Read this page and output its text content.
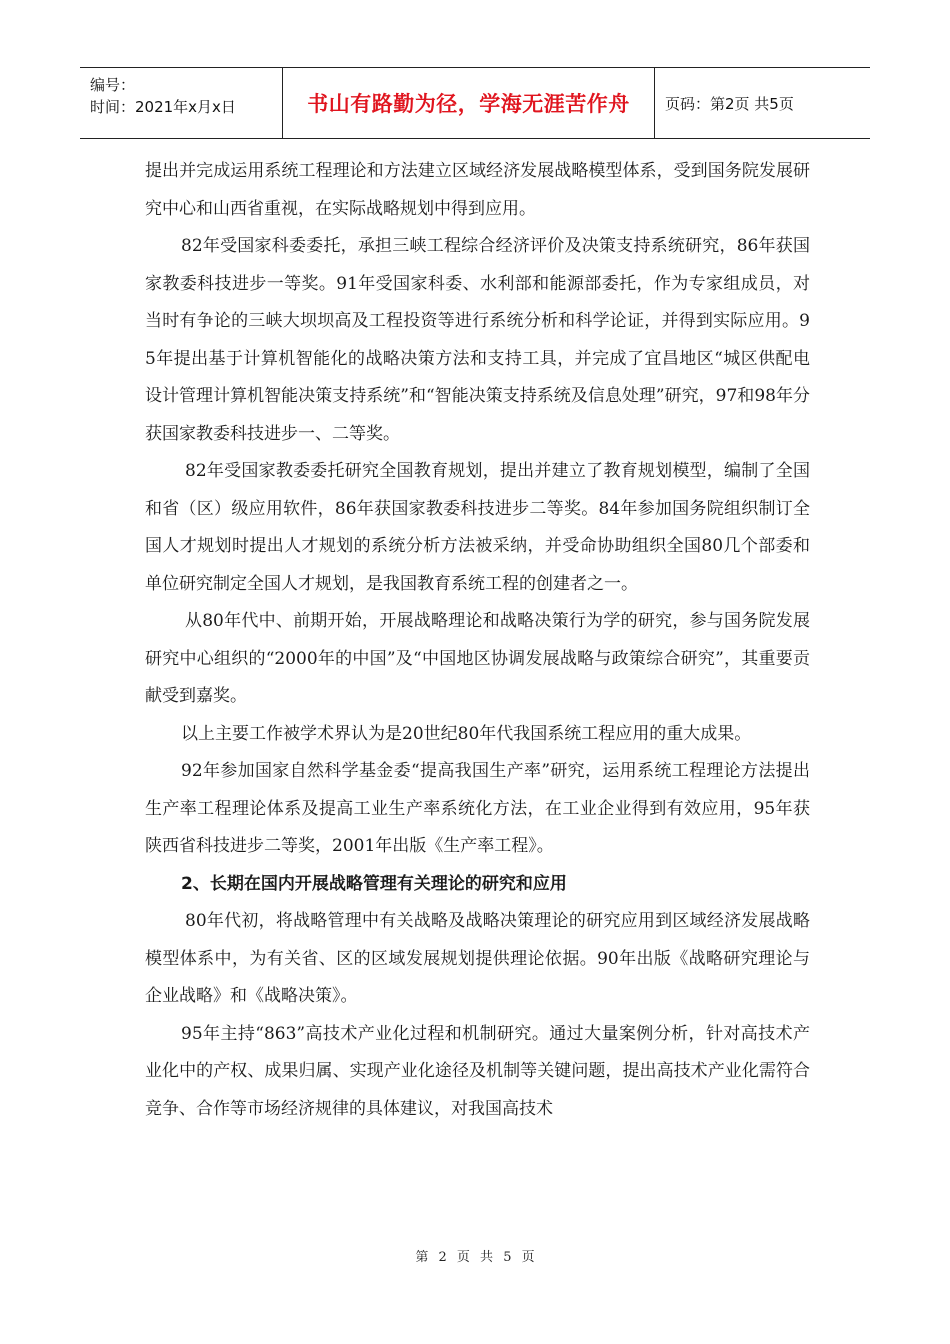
编号：
时间：2021年x月x日	书山有路勤为径，学海无涯苦作舟	页码：第2页 共5页

提出并完成运用系统工程理论和方法建立区域经济发展战略模型体系，受到国务院发展研究中心和山西省重视，在实际战略规划中得到应用。

82年受国家科委委托，承担三峡工程综合经济评价及决策支持系统研究，86年获国家教委科技进步一等奖。91年受国家科委、水利部和能源部委托，作为专家组成员，对当时有争论的三峡大坝坝高及工程投资等进行系统分析和科学论证，并得到实际应用。95年提出基于计算机智能化的战略决策方法和支持工具，并完成了宜昌地区“城区供配电设计管理计算机智能决策支持系统”和“智能决策支持系统及信息处理”研究，97和98年分获国家教委科技进步一、二等奖。

82年受国家教委委托研究全国教育规划，提出并建立了教育规划模型，编制了全国和省（区）级应用软件，86年获国家教委科技进步二等奖。84年参加国务院组织制订全国人才规划时提出人才规划的系统分析方法被采纳，并受命协助组织全国80几个部委和单位研究制定全国人才规划，是我国教育系统工程的创建者之一。

从80年代中、前期开始，开展战略理论和战略决策行为学的研究，参与国务院发展研究中心组织的“2000年的中国”及“中国地区协调发展战略与政策综合研究”，其重要贡献受到嘉奖。

以上主要工作被学术界认为是20世纪80年代我国系统工程应用的重大成果。

92年参加国家自然科学基金委“提高我国生产率”研究，运用系统工程理论方法提出生产率工程理论体系及提高工业生产率系统化方法，在工业企业得到有效应用，95年获陕西省科技进步二等奖，2001年出版《生产率工程》。

2、长期在国内开展战略管理有关理论的研究和应用

80年代初，将战略管理中有关战略及战略决策理论的研究应用到区域经济发展战略模型体系中，为有关省、区的区域发展规划提供理论依据。90年出版《战略研究理论与企业战略》和《战略决策》。

95年主持“863”高技术产业化过程和机制研究。通过大量案例分析，针对高技术产业化中的产权、成果归属、实现产业化途径及机制等关键问题，提出高技术产业化需符合竞争、合作等市场经济规律的具体建议，对我国高技术

第 2 页 共 5 页
